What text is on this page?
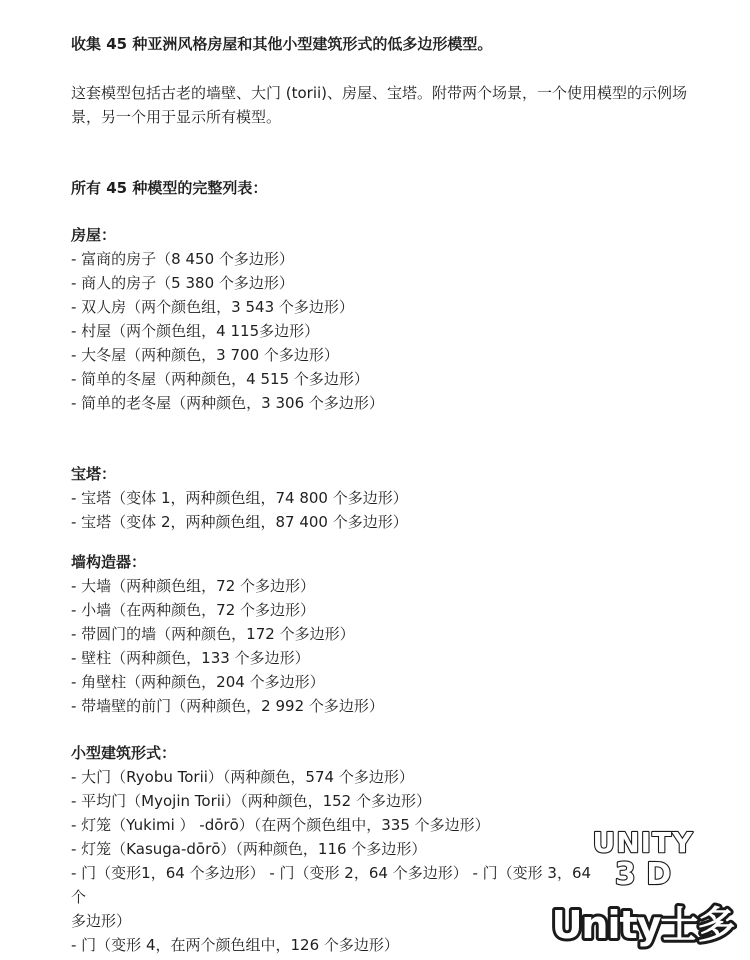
收集 45 种亚洲风格房屋和其他小型建筑形式的低多边形模型。
这套模型包括古老的墙壁、大门 (torii)、房屋、宝塔。附带两个场景，一个使用模型的示例场景，另一个用于显示所有模型。
所有 45 种模型的完整列表：
房屋：
- 富商的房子（8 450 个多边形）
- 商人的房子（5 380 个多边形）
- 双人房（两个颜色组，3 543 个多边形）
- 村屋（两个颜色组，4 115多边形）
- 大冬屋（两种颜色，3 700 个多边形）
- 简单的冬屋（两种颜色，4 515 个多边形）
- 简单的老冬屋（两种颜色，3 306 个多边形）
宝塔：
- 宝塔（变体 1，两种颜色组，74 800 个多边形）
- 宝塔（变体 2，两种颜色组，87 400 个多边形）
墙构造器：
- 大墙（两种颜色组，72 个多边形）
- 小墙（在两种颜色，72 个多边形）
- 带圆门的墙（两种颜色，172 个多边形）
- 壁柱（两种颜色，133 个多边形）
- 角壁柱（两种颜色，204 个多边形）
- 带墙壁的前门（两种颜色，2 992 个多边形）
小型建筑形式：
- 大门（Ryobu Torii）（两种颜色，574 个多边形）
- 平均门（Myojin Torii）（两种颜色，152 个多边形）
- 灯笼（Yukimi ） -dōrō）（在两个颜色组中，335 个多边形）
- 灯笼（Kasuga-dōrō）（两种颜色，116 个多边形）
- 门（变形1，64 个多边形） - 门（变形 2，64 个多边形） - 门（变形 3，64
个
多边形）
- 门（变形 4，在两个颜色组中，126 个多边形）
UNITY
3 D
Unity士多
